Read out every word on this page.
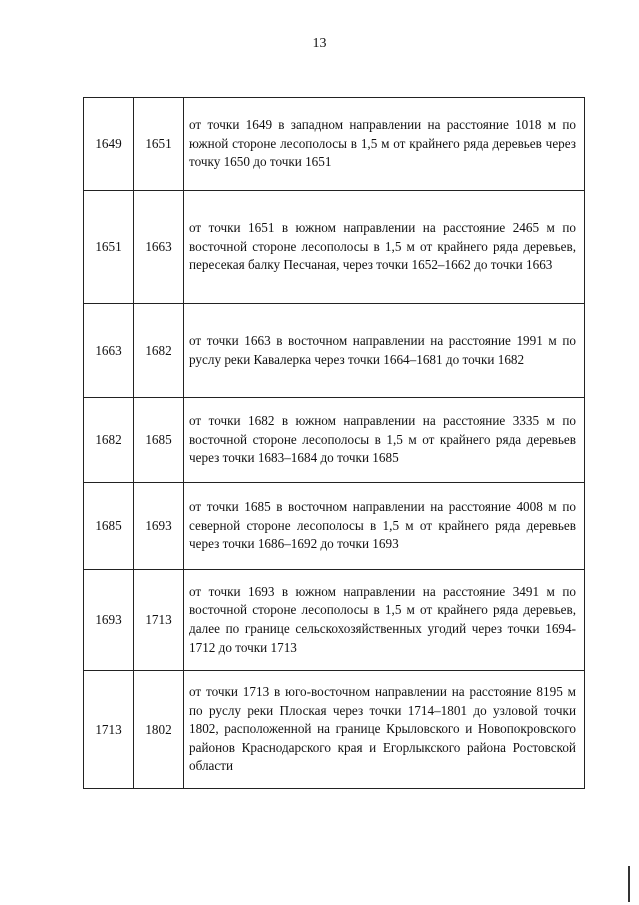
13
1649	1651	от точки 1649 в западном направлении на расстояние 1018 м по южной стороне лесополосы в 1,5 м от крайнего ряда деревьев через точку 1650 до точки 1651
1651	1663	от точки 1651 в южном направлении на расстояние 2465 м по восточной стороне лесополосы в 1,5 м от крайнего ряда деревьев, пересекая балку Песчаная, через точки 1652–1662 до точки 1663
1663	1682	от точки 1663 в восточном направлении на расстояние 1991 м по руслу реки Кавалерка через точки 1664–1681 до точки 1682
1682	1685	от точки 1682 в южном направлении на расстояние 3335 м по восточной стороне лесополосы в 1,5 м от крайнего ряда деревьев через точки 1683–1684 до точки 1685
1685	1693	от точки 1685 в восточном направлении на расстояние 4008 м по северной стороне лесополосы в 1,5 м от крайнего ряда деревьев через точки 1686–1692 до точки 1693
1693	1713	от точки 1693 в южном направлении на расстояние 3491 м по восточной стороне лесополосы в 1,5 м от крайнего ряда деревьев, далее по границе сельскохозяйственных угодий через точки 1694-1712 до точки 1713
1713	1802	от точки 1713 в юго-восточном направлении на расстояние 8195 м по руслу реки Плоская через точки 1714–1801 до узловой точки 1802, расположенной на границе Крыловского и Новопокровского районов Краснодарского края и Егорлыкского района Ростовской области
